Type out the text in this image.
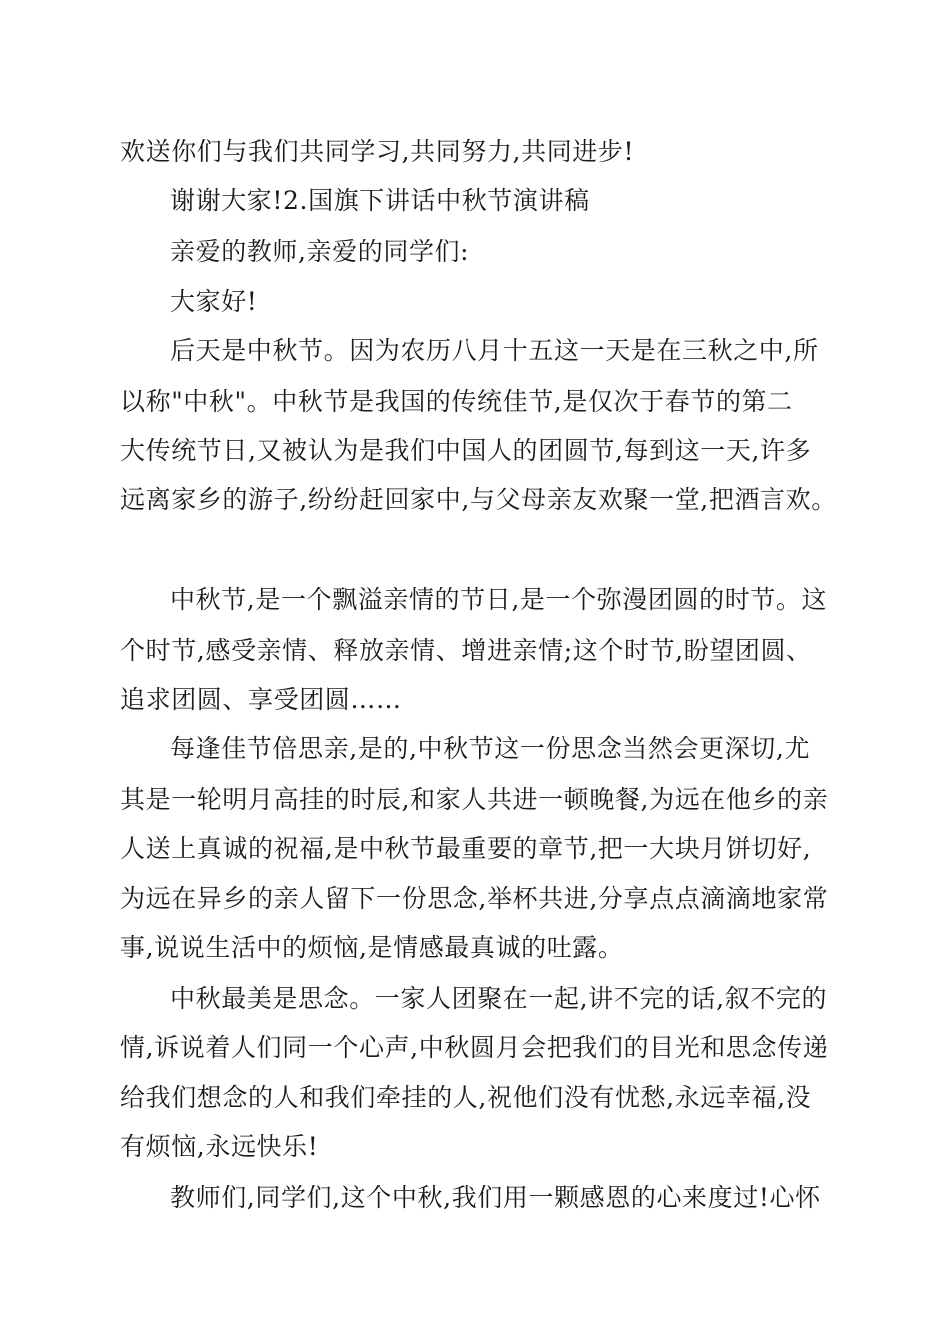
欢送你们与我们共同学习,共同努力,共同进步!
谢谢大家!2.国旗下讲话中秋节演讲稿
亲爱的教师,亲爱的同学们:
大家好!
后天是中秋节。因为农历八月十五这一天是在三秋之中,所
以称"中秋"。中秋节是我国的传统佳节,是仅次于春节的第二
大传统节日,又被认为是我们中国人的团圆节,每到这一天,许多
远离家乡的游子,纷纷赶回家中,与父母亲友欢聚一堂,把酒言欢。
中秋节,是一个飘溢亲情的节日,是一个弥漫团圆的时节。这
个时节,感受亲情、释放亲情、增进亲情;这个时节,盼望团圆、
追求团圆、享受团圆……
每逢佳节倍思亲,是的,中秋节这一份思念当然会更深切,尤
其是一轮明月高挂的时辰,和家人共进一顿晚餐,为远在他乡的亲
人送上真诚的祝福,是中秋节最重要的章节,把一大块月饼切好,
为远在异乡的亲人留下一份思念,举杯共进,分享点点滴滴地家常
事,说说生活中的烦恼,是情感最真诚的吐露。
中秋最美是思念。一家人团聚在一起,讲不完的话,叙不完的
情,诉说着人们同一个心声,中秋圆月会把我们的目光和思念传递
给我们想念的人和我们牵挂的人,祝他们没有忧愁,永远幸福,没
有烦恼,永远快乐!
教师们,同学们,这个中秋,我们用一颗感恩的心来度过!心怀
